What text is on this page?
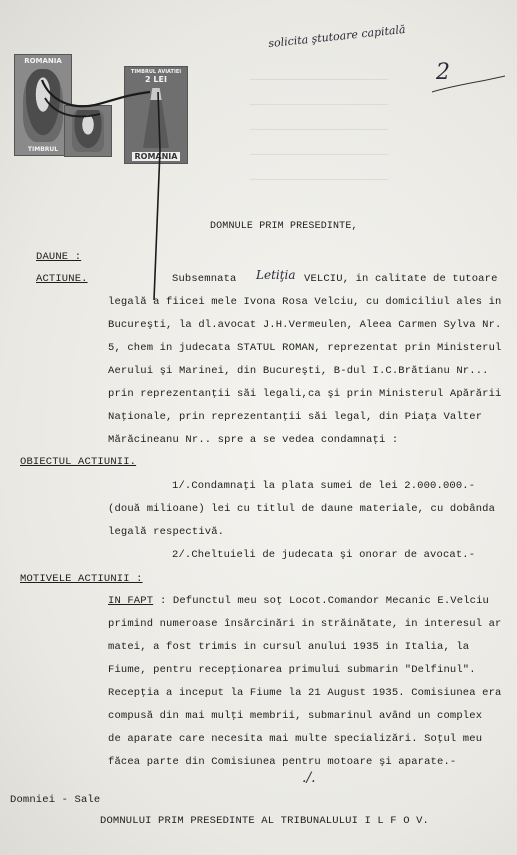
solicita ştutoare capitală
2
ROMANIA
TIMBRUL
TIMBRUL AVIATIEI
2 LEI
ROMANIA
———————————————————————
———————————————————————
———————————————————————
———————————————————————
———————————————————————
DOMNULE PRIM PRESEDINTE,
DAUNE :
ACTIUNE.	Subsemnata Letiţia VELCIU, in calitate de tutoare
legală a fiicei mele Ivona Rosa Velciu, cu domiciliul ales in
Bucureşti, la dl.avocat J.H.Vermeulen, Aleea Carmen Sylva Nr.
5, chem in judecata STATUL ROMAN, reprezentat prin Ministerul
Aerului şi Marinei, din Bucureşti, B-dul I.C.Brătianu Nr...
prin reprezentanţii săi legali,ca şi prin Ministerul Apărării
Naţionale, prin reprezentanţii săi legal, din Piaţa Valter
Mărăcineanu Nr.. spre a se vedea condamnaţi :
OBIECTUL ACTIUNII.
1/.Condamnaţi la plata sumei de lei 2.000.000.-
(două milioane) lei cu titlul de daune materiale, cu dobânda
legală respectivă.
2/.Cheltuieli de judecata şi onorar de avocat.-
MOTIVELE ACTIUNII :
IN FAPT : Defunctul meu soţ Locot.Comandor Mecanic E.Velciu
primind numeroase însărcinări in străinătate, in interesul ar
matei, a fost trimis in cursul anului 1935 in Italia, la
Fiume, pentru recepţionarea primului submarin "Delfinul".
Recepţia a inceput la Fiume la 21 August 1935. Comisiunea era
compusă din mai mulţi membrii, submarinul având un complex
de aparate care necesita mai multe specializări. Soţul meu
făcea parte din Comisiunea pentru motoare şi aparate.-
./.
Domniei - Sale
DOMNULUI PRIM PRESEDINTE AL TRIBUNALULUI I L F O V.
